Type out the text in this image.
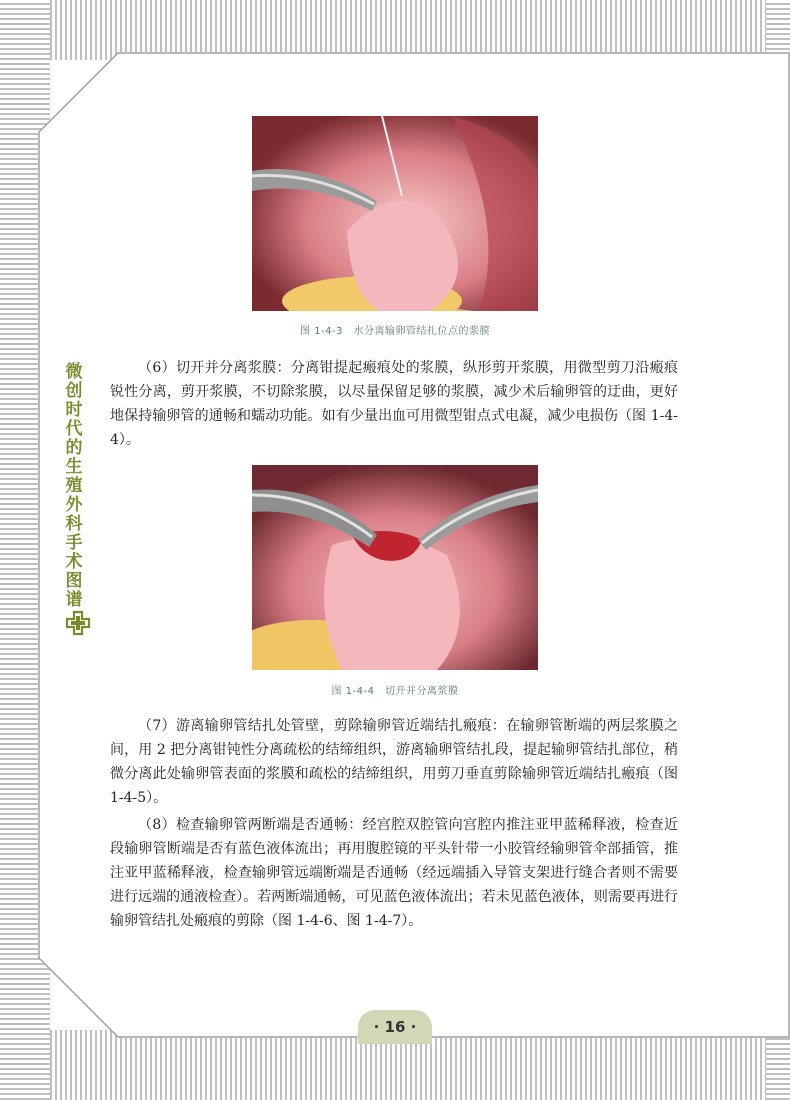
微创时代的生殖外科手术图谱
图 1-4-3　水分离输卵管结扎位点的浆膜
（6）切开并分离浆膜：分离钳提起瘢痕处的浆膜，纵形剪开浆膜，用微型剪刀沿瘢痕锐性分离，剪开浆膜，不切除浆膜，以尽量保留足够的浆膜，减少术后输卵管的迂曲，更好地保持输卵管的通畅和蠕动功能。如有少量出血可用微型钳点式电凝，减少电损伤（图 1-4-4）。
图 1-4-4　切开并分离浆膜
（7）游离输卵管结扎处管壁，剪除输卵管近端结扎瘢痕：在输卵管断端的两层浆膜之间，用 2 把分离钳钝性分离疏松的结缔组织，游离输卵管结扎段，提起输卵管结扎部位，稍微分离此处输卵管表面的浆膜和疏松的结缔组织，用剪刀垂直剪除输卵管近端结扎瘢痕（图 1-4-5）。
（8）检查输卵管两断端是否通畅：经宫腔双腔管向宫腔内推注亚甲蓝稀释液，检查近段输卵管断端是否有蓝色液体流出；再用腹腔镜的平头针带一小胶管经输卵管伞部插管，推注亚甲蓝稀释液，检查输卵管远端断端是否通畅（经远端插入导管支架进行缝合者则不需要进行远端的通液检查）。若两断端通畅，可见蓝色液体流出；若未见蓝色液体，则需要再进行输卵管结扎处瘢痕的剪除（图 1-4-6、图 1-4-7）。
· 16 ·
